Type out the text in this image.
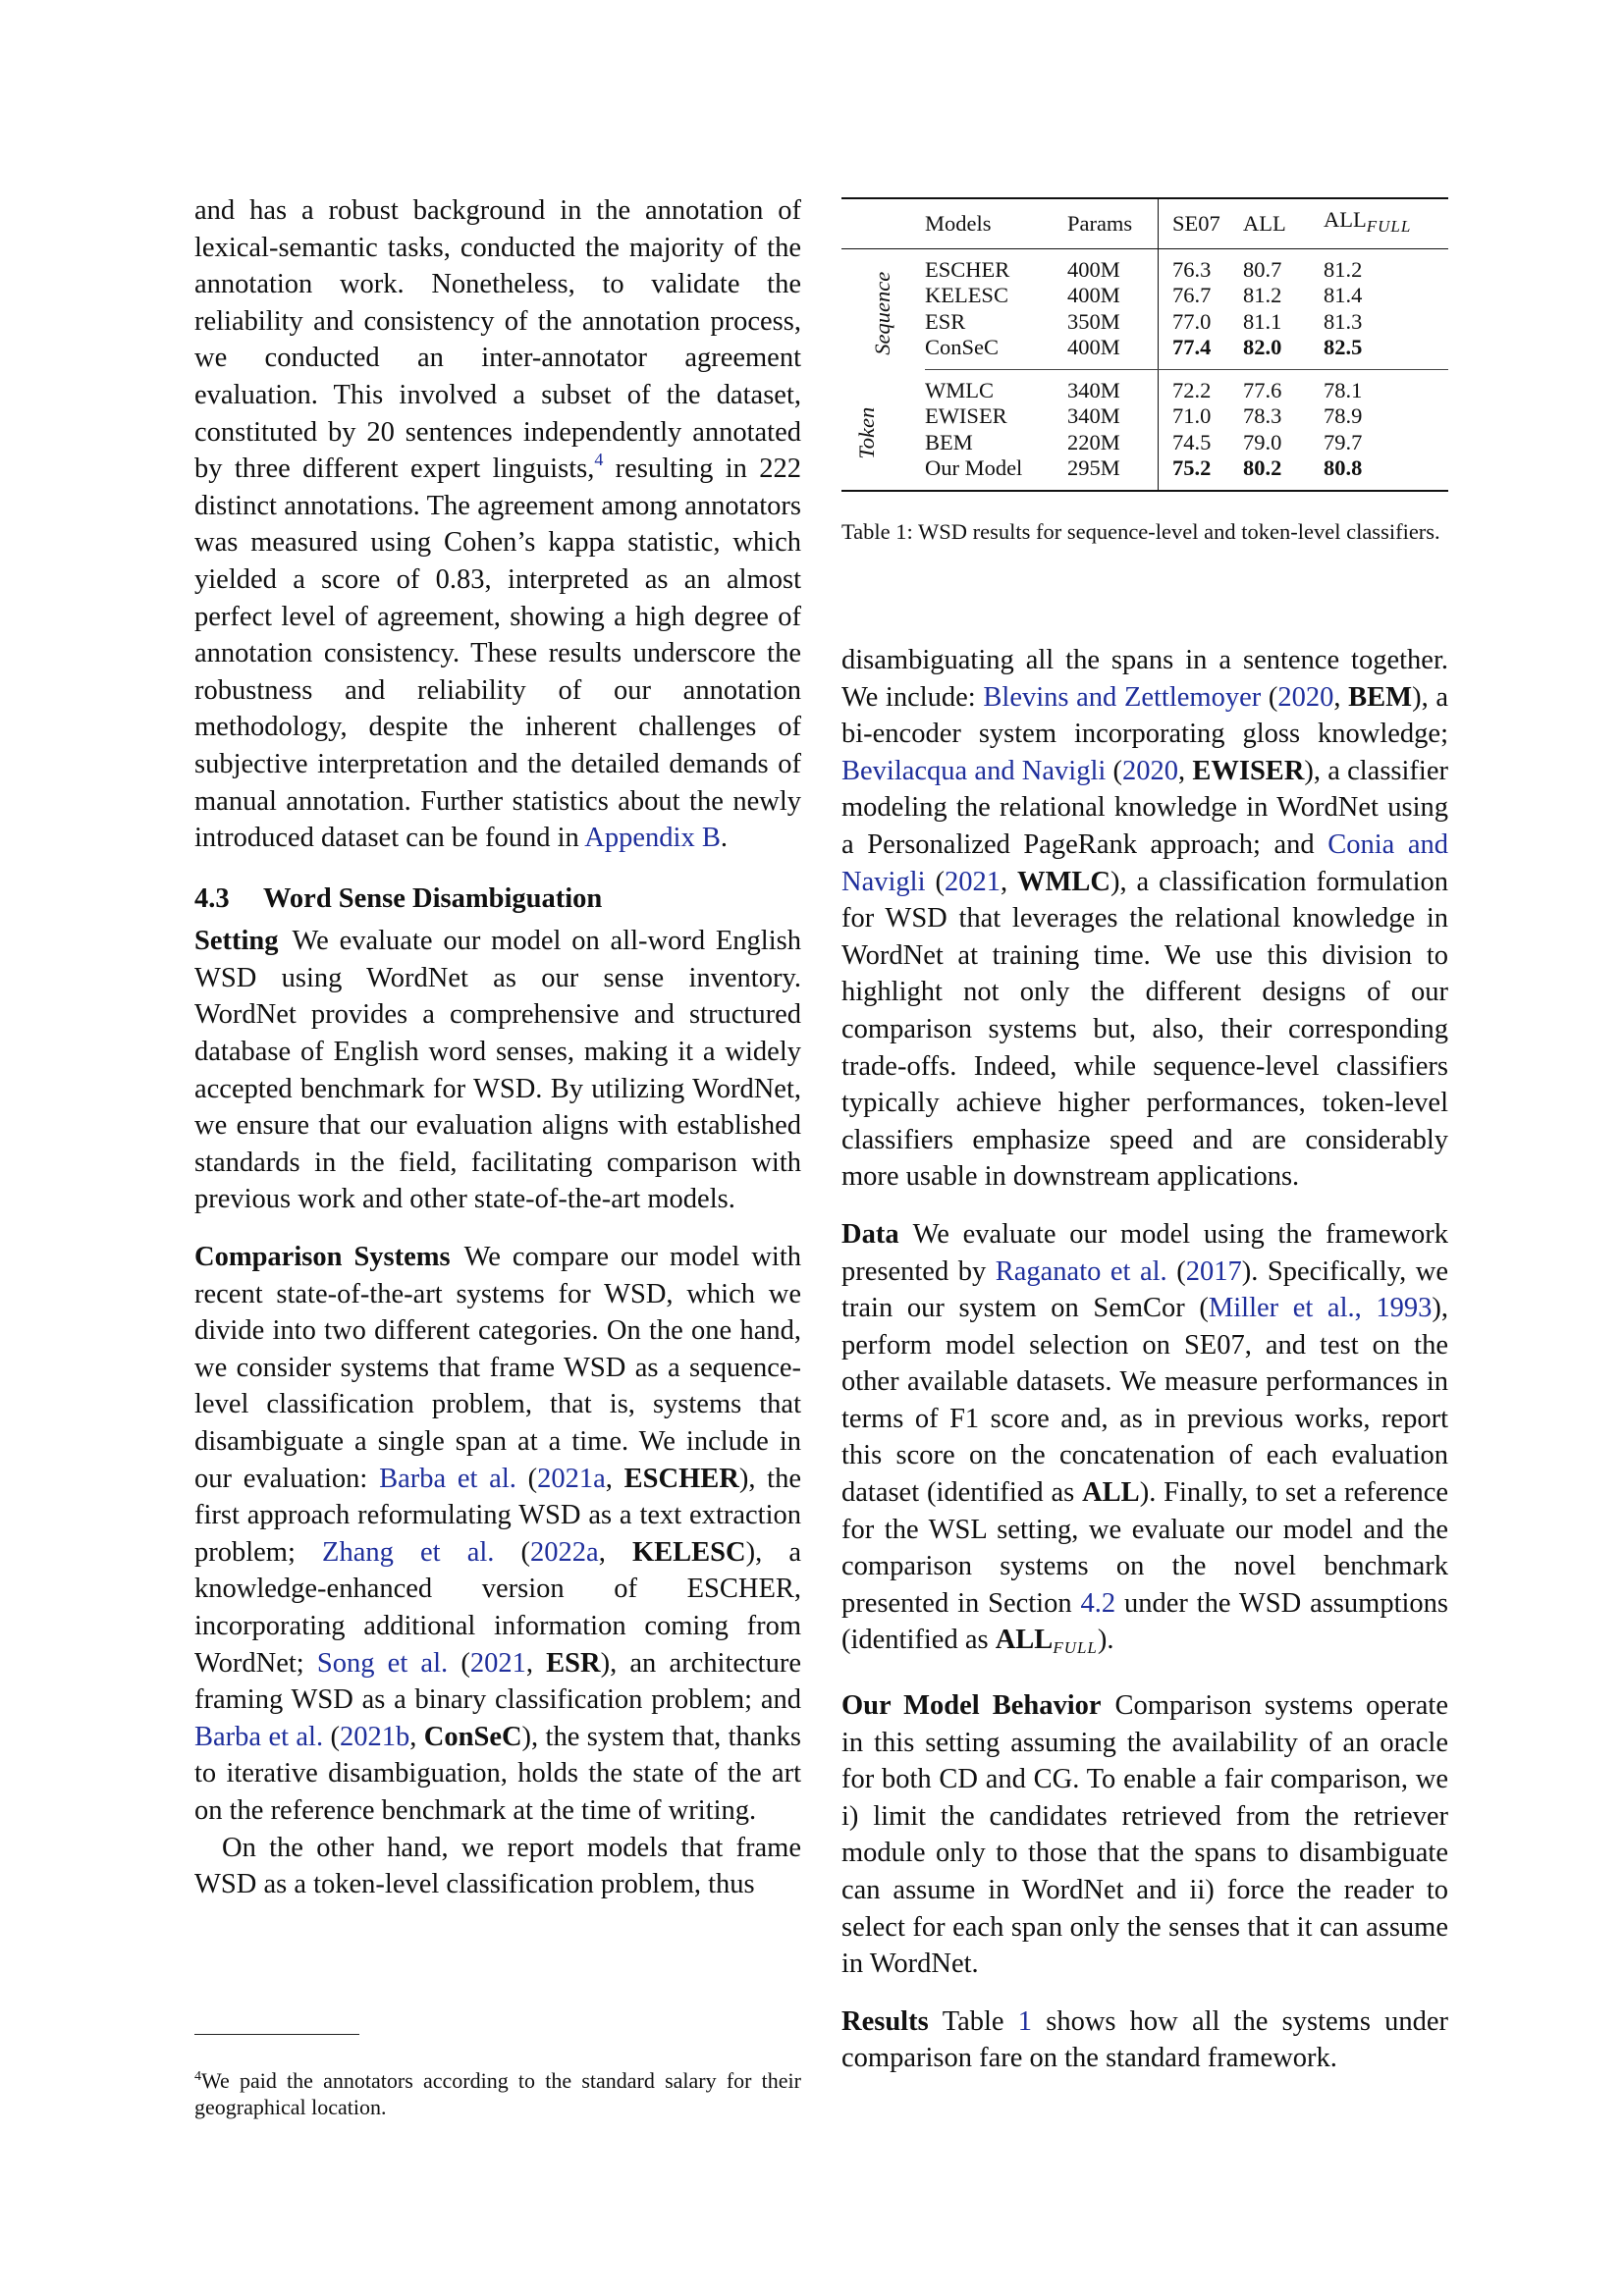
and has a robust background in the annotation of lexical-semantic tasks, conducted the majority of the annotation work. Nonetheless, to validate the reliability and consistency of the annotation process, we conducted an inter-annotator agreement evaluation. This involved a subset of the dataset, constituted by 20 sentences independently annotated by three different expert linguists,$^4$ resulting in 222 distinct annotations. The agreement among annotators was measured using Cohen’s kappa statistic, which yielded a score of 0.83, interpreted as an almost perfect level of agreement, showing a high degree of annotation consistency. These results underscore the robustness and reliability of our annotation methodology, despite the inherent challenges of subjective interpretation and the detailed demands of manual annotation. Further statistics about the newly introduced dataset can be found in Appendix B.

4.3 Word Sense Disambiguation

Setting We evaluate our model on all-word English WSD using WordNet as our sense inventory. WordNet provides a comprehensive and structured database of English word senses, making it a widely accepted benchmark for WSD. By utilizing WordNet, we ensure that our evaluation aligns with established standards in the field, facilitating comparison with previous work and other state-of-the-art models.

Comparison Systems We compare our model with recent state-of-the-art systems for WSD, which we divide into two different categories. On the one hand, we consider systems that frame WSD as a sequence-level classification problem, that is, systems that disambiguate a single span at a time. We include in our evaluation: Barba et al. (2021a, ESCHER), the first approach reformulating WSD as a text extraction problem; Zhang et al. (2022a, KELESC), a knowledge-enhanced version of ESCHER, incorporating additional information coming from WordNet; Song et al. (2021, ESR), an architecture framing WSD as a binary classification problem; and Barba et al. (2021b, ConSeC), the system that, thanks to iterative disambiguation, holds the state of the art on the reference benchmark at the time of writing.

On the other hand, we report models that frame WSD as a token-level classification problem, thus

$^4$We paid the annotators according to the standard salary for their geographical location.
	Models	Params	SE07	ALL	$ALL_{FULL}$
Sequence	ESCHER	400M	76.3	80.7	81.2
	KELESC	400M	76.7	81.2	81.4
	ESR	350M	77.0	81.1	81.3
	ConSeC	400M	77.4	82.0	82.5
Token	WMLC	340M	72.2	77.6	78.1
	EWISER	340M	71.0	78.3	78.9
	BEM	220M	74.5	79.0	79.7
	Our Model	295M	75.2	80.2	80.8
Table 1: WSD results for sequence-level and token-level classifiers.

disambiguating all the spans in a sentence together. We include: Blevins and Zettlemoyer (2020, BEM), a bi-encoder system incorporating gloss knowledge; Bevilacqua and Navigli (2020, EWISER), a classifier modeling the relational knowledge in WordNet using a Personalized PageRank approach; and Conia and Navigli (2021, WMLC), a classification formulation for WSD that leverages the relational knowledge in WordNet at training time. We use this division to highlight not only the different designs of our comparison systems but, also, their corresponding trade-offs. Indeed, while sequence-level classifiers typically achieve higher performances, token-level classifiers emphasize speed and are considerably more usable in downstream applications.

Data We evaluate our model using the framework presented by Raganato et al. (2017). Specifically, we train our system on SemCor (Miller et al., 1993), perform model selection on SE07, and test on the other available datasets. We measure performances in terms of F1 score and, as in previous works, report this score on the concatenation of each evaluation dataset (identified as ALL). Finally, to set a reference for the WSL setting, we evaluate our model and the comparison systems on the novel benchmark presented in Section 4.2 under the WSD assumptions (identified as $ALL_{FULL}$).

Our Model Behavior Comparison systems operate in this setting assuming the availability of an oracle for both CD and CG. To enable a fair comparison, we i) limit the candidates retrieved from the retriever module only to those that the spans to disambiguate can assume in WordNet and ii) force the reader to select for each span only the senses that it can assume in WordNet.

Results Table 1 shows how all the systems under comparison fare on the standard framework.
